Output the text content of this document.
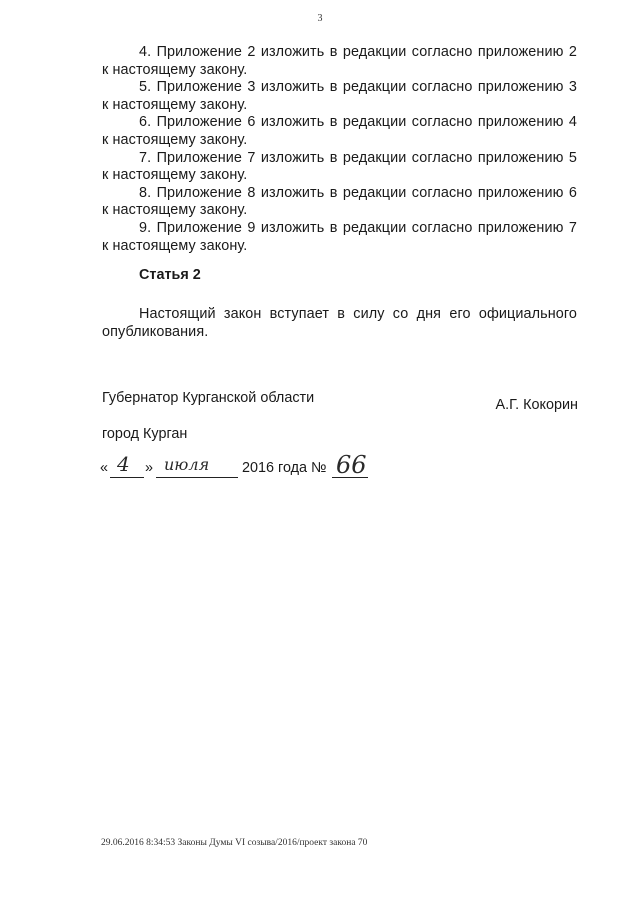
3

4. Приложение 2 изложить в редакции согласно приложению 2
к настоящему закону.

5. Приложение 3 изложить в редакции согласно приложению 3
к настоящему закону.

6. Приложение 6 изложить в редакции согласно приложению 4
к настоящему закону.

7. Приложение 7 изложить в редакции согласно приложению 5
к настоящему закону.

8. Приложение 8 изложить в редакции согласно приложению 6
к настоящему закону.

9. Приложение 9 изложить в редакции согласно приложению 7
к настоящему закону.

Статья 2

Настоящий закон вступает в силу со дня его официального опубликования.

Губернатор Курганской области	А.Г. Кокорин
город Курган
« 4 » июля 2016 года № 66
29.06.2016 8:34:53 Законы Думы VI созыва/2016/проект закона 70
